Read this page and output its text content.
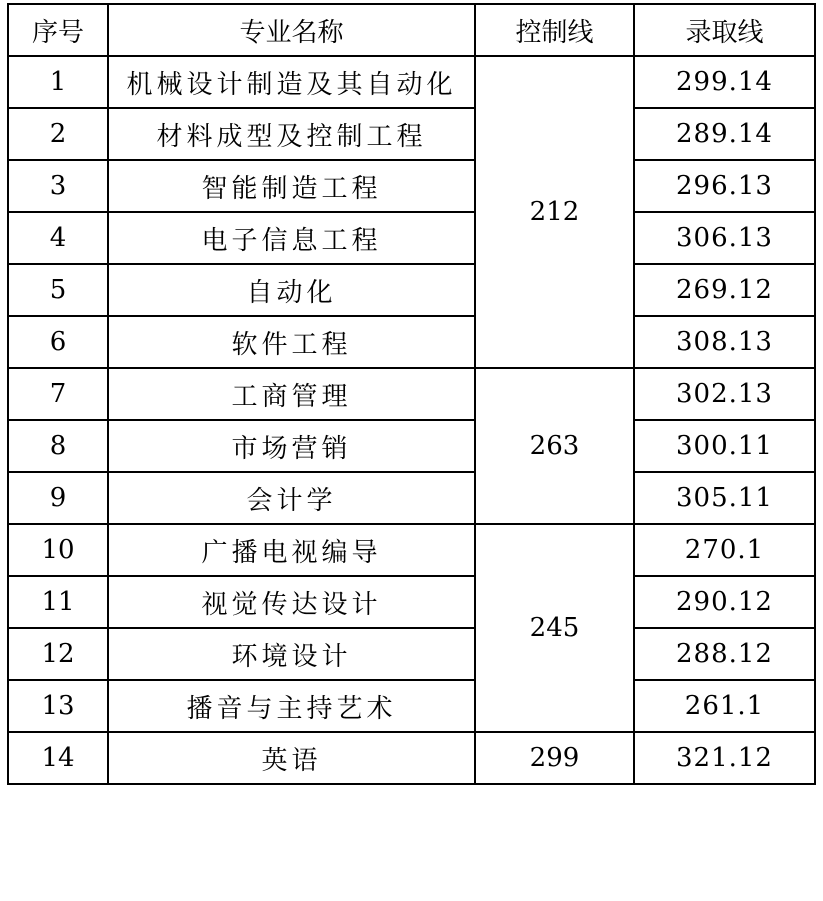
序号	专业名称	控制线	录取线
1	机械设计制造及其自动化	212	299.14
2	材料成型及控制工程		289.14
3	智能制造工程		296.13
4	电子信息工程		306.13
5	自动化		269.12
6	软件工程		308.13
7	工商管理	263	302.13
8	市场营销		300.11
9	会计学		305.11
10	广播电视编导	245	270.1
11	视觉传达设计		290.12
12	环境设计		288.12
13	播音与主持艺术		261.1
14	英语	299	321.12
